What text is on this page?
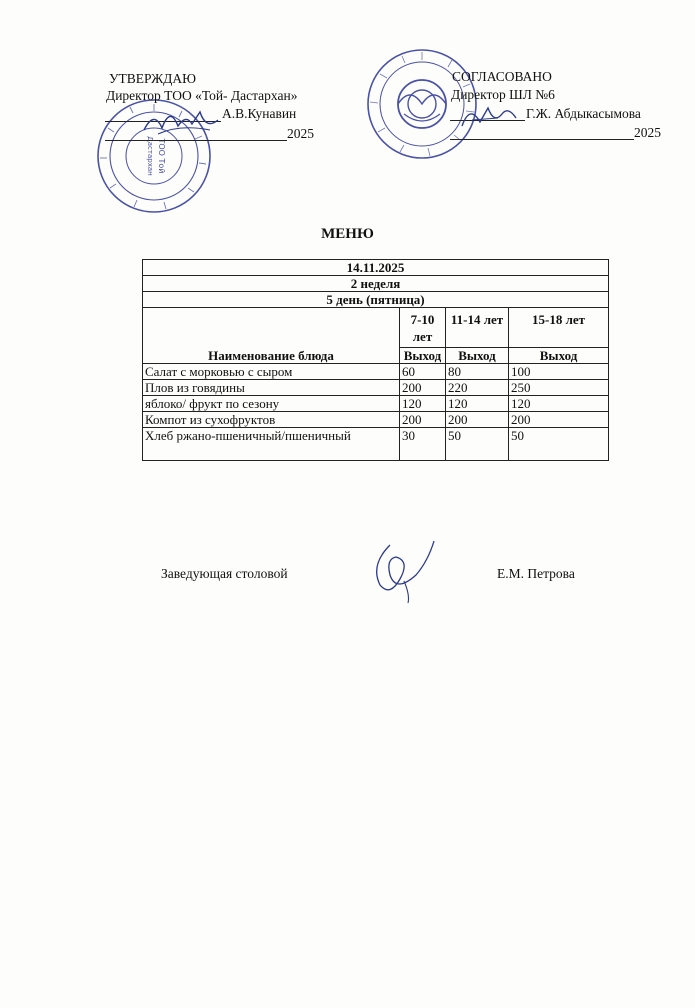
ТОО Той
Дастархан
УТВЕРЖДАЮ
Директор ТОО «Той- Дастархан»
А.В.Кунавин
2025
СОГЛАСОВАНО
Директор ШЛ №6
Г.Ж. Абдыкасымова
2025
МЕНЮ
14.11.2025			
2 неделя			
5 день (пятница)			
Наименование блюда	7-10 лет	11-14 лет	15-18 лет
	Выход	Выход	Выход
Салат с морковью с сыром	60	80	100
Плов из говядины	200	220	250
яблоко/ фрукт по сезону	120	120	120
Компот из сухофруктов	200	200	200
Хлеб ржано-пшеничный/пшеничный	30	50	50
Заведующая столовой	Е.М. Петрова
